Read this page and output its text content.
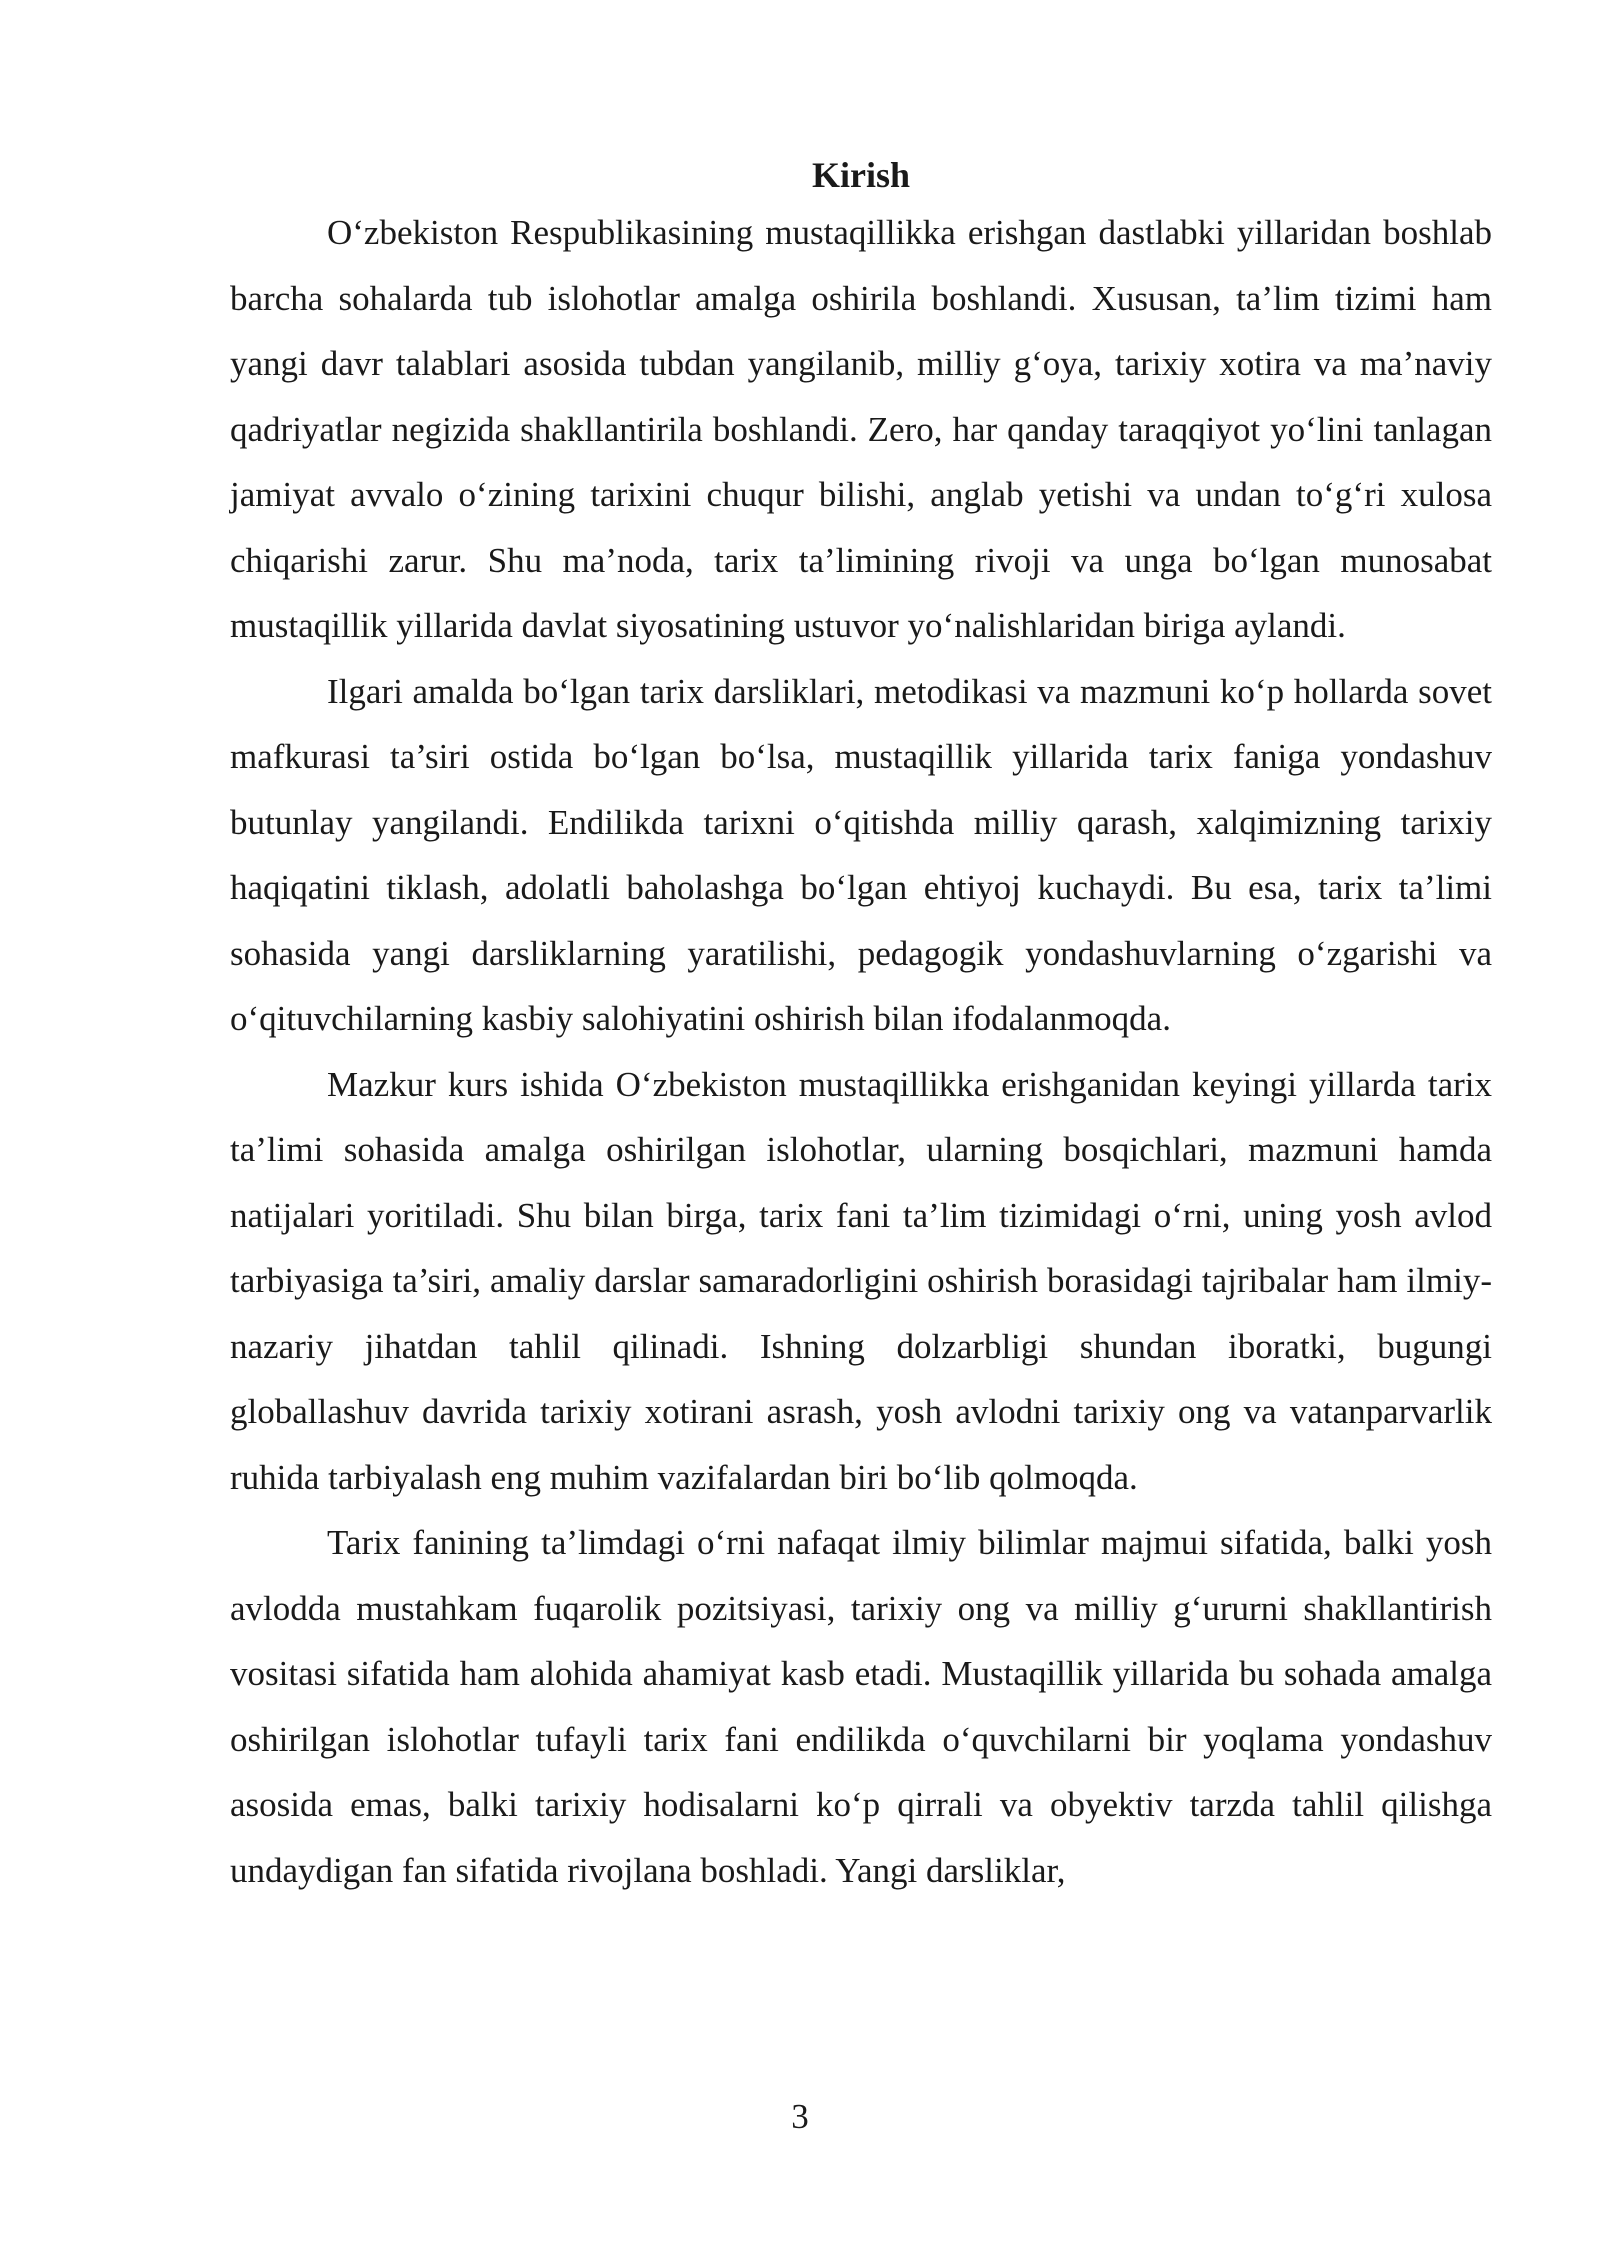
Kirish

O‘zbekiston Respublikasining mustaqillikka erishgan dastlabki yillaridan boshlab barcha sohalarda tub islohotlar amalga oshirila boshlandi. Xususan, ta’lim tizimi ham yangi davr talablari asosida tubdan yangilanib, milliy g‘oya, tarixiy xotira va ma’naviy qadriyatlar negizida shakllantirila boshlandi. Zero, har qanday taraqqiyot yo‘lini tanlagan jamiyat avvalo o‘zining tarixini chuqur bilishi, anglab yetishi va undan to‘g‘ri xulosa chiqarishi zarur. Shu ma’noda, tarix ta’limining rivoji va unga bo‘lgan munosabat mustaqillik yillarida davlat siyosatining ustuvor yo‘nalishlaridan biriga aylandi.

Ilgari amalda bo‘lgan tarix darsliklari, metodikasi va mazmuni ko‘p hollarda sovet mafkurasi ta’siri ostida bo‘lgan bo‘lsa, mustaqillik yillarida tarix faniga yondashuv butunlay yangilandi. Endilikda tarixni o‘qitishda milliy qarash, xalqimizning tarixiy haqiqatini tiklash, adolatli baholashga bo‘lgan ehtiyoj kuchaydi. Bu esa, tarix ta’limi sohasida yangi darsliklarning yaratilishi, pedagogik yondashuvlarning o‘zgarishi va o‘qituvchilarning kasbiy salohiyatini oshirish bilan ifodalanmoqda.

Mazkur kurs ishida O‘zbekiston mustaqillikka erishganidan keyingi yillarda tarix ta’limi sohasida amalga oshirilgan islohotlar, ularning bosqichlari, mazmuni hamda natijalari yoritiladi. Shu bilan birga, tarix fani ta’lim tizimidagi o‘rni, uning yosh avlod tarbiyasiga ta’siri, amaliy darslar samaradorligini oshirish borasidagi tajribalar ham ilmiy-nazariy jihatdan tahlil qilinadi. Ishning dolzarbligi shundan iboratki, bugungi globallashuv davrida tarixiy xotirani asrash, yosh avlodni tarixiy ong va vatanparvarlik ruhida tarbiyalash eng muhim vazifalardan biri bo‘lib qolmoqda.

Tarix fanining ta’limdagi o‘rni nafaqat ilmiy bilimlar majmui sifatida, balki yosh avlodda mustahkam fuqarolik pozitsiyasi, tarixiy ong va milliy g‘ururni shakllantirish vositasi sifatida ham alohida ahamiyat kasb etadi. Mustaqillik yillarida bu sohada amalga oshirilgan islohotlar tufayli tarix fani endilikda o‘quvchilarni bir yoqlama yondashuv asosida emas, balki tarixiy hodisalarni ko‘p qirrali va obyektiv tarzda tahlil qilishga undaydigan fan sifatida rivojlana boshladi. Yangi darsliklar,

3
